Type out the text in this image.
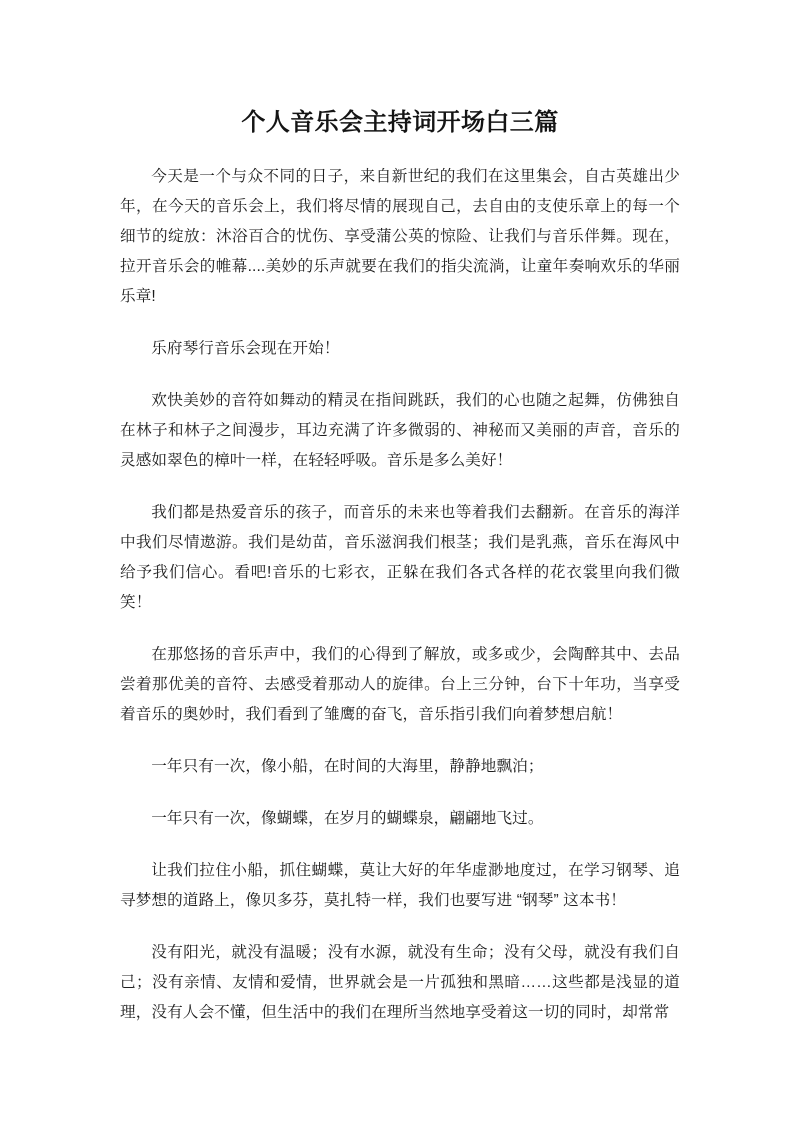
个人音乐会主持词开场白三篇

今天是一个与众不同的日子，来自新世纪的我们在这里集会，自古英雄出少年，在今天的音乐会上，我们将尽情的展现自己，去自由的支使乐章上的每一个细节的绽放：沐浴百合的忧伤、享受蒲公英的惊险、让我们与音乐伴舞。现在，拉开音乐会的帷幕....美妙的乐声就要在我们的指尖流淌，让童年奏响欢乐的华丽乐章!

乐府琴行音乐会现在开始！

欢快美妙的音符如舞动的精灵在指间跳跃，我们的心也随之起舞，仿佛独自在林子和林子之间漫步，耳边充满了许多微弱的、神秘而又美丽的声音，音乐的灵感如翠色的樟叶一样，在轻轻呼吸。音乐是多么美好！

我们都是热爱音乐的孩子，而音乐的未来也等着我们去翻新。在音乐的海洋中我们尽情遨游。我们是幼苗，音乐滋润我们根茎；我们是乳燕，音乐在海风中给予我们信心。看吧!音乐的七彩衣，正躲在我们各式各样的花衣裳里向我们微笑！

在那悠扬的音乐声中，我们的心得到了解放，或多或少，会陶醉其中、去品尝着那优美的音符、去感受着那动人的旋律。台上三分钟，台下十年功，当享受着音乐的奥妙时，我们看到了雏鹰的奋飞，音乐指引我们向着梦想启航！

一年只有一次，像小船，在时间的大海里，静静地飘泊；

一年只有一次，像蝴蝶，在岁月的蝴蝶泉，翩翩地飞过。

让我们拉住小船，抓住蝴蝶，莫让大好的年华虚渺地度过，在学习钢琴、追寻梦想的道路上，像贝多芬，莫扎特一样，我们也要写进 “钢琴” 这本书！

没有阳光，就没有温暖；没有水源，就没有生命；没有父母，就没有我们自己；没有亲情、友情和爱情，世界就会是一片孤独和黑暗……这些都是浅显的道理，没有人会不懂，但生活中的我们在理所当然地享受着这一切的同时，却常常
